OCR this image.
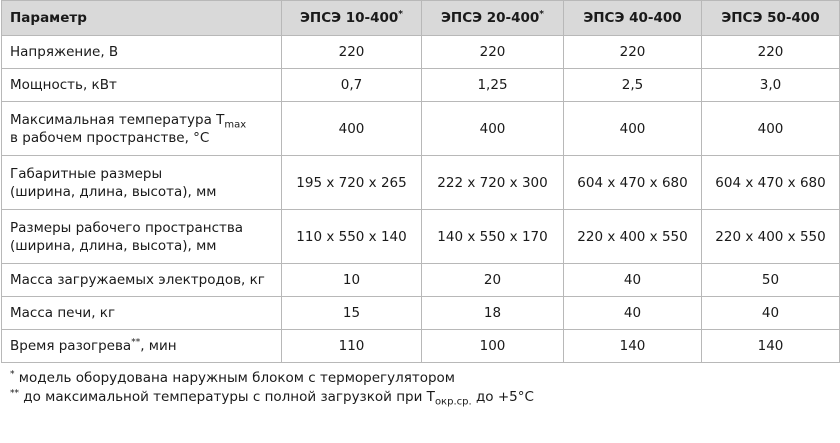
Параметр	ЭПСЭ 10-400*	ЭПСЭ 20-400*	ЭПСЭ 40-400	ЭПСЭ 50-400
Напряжение, В	220	220	220	220
Мощность, кВт	0,7	1,25	2,5	3,0
Максимальная температура $T_{max}$
в рабочем пространстве, °C	400	400	400	400
Габаритные размеры
(ширина, длина, высота), мм	195 x 720 x 265	222 x 720 x 300	604 x 470 x 680	604 x 470 x 680
Размеры рабочего пространства
(ширина, длина, высота), мм	110 x 550 x 140	140 x 550 x 170	220 x 400 x 550	220 x 400 x 550
Масса загружаемых электродов, кг	10	20	40	50
Масса печи, кг	15	18	40	40
Время разогрева**, мин	110	100	140	140
* модель оборудована наружным блоком с терморегулятором
** до максимальной температуры с полной загрузкой при $T_{окр.ср.}$ до +5°C
